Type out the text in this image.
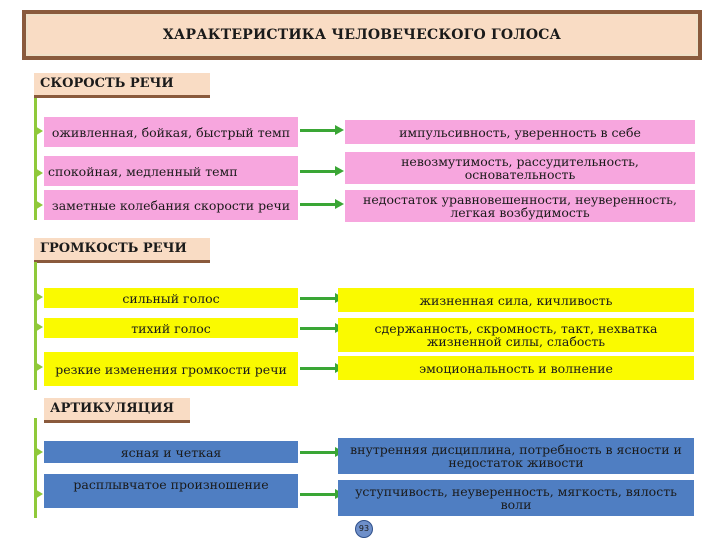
ХАРАКТЕРИСТИКА ЧЕЛОВЕЧЕСКОГО ГОЛОСА
СКОРОСТЬ РЕЧИ
оживленная, бойкая, быстрый темп
спокойная, медленный темп
заметные колебания скорости речи
импульсивность, уверенность в себе
невозмутимость, рассудительность, основательность
недостаток уравновешенности, неуверенность, легкая возбудимость
ГРОМКОСТЬ РЕЧИ
сильный голос
тихий голос
резкие изменения громкости речи
жизненная сила, кичливость
сдержанность, скромность, такт, нехватка жизненной силы, слабость
эмоциональность и волнение
АРТИКУЛЯЦИЯ
ясная и четкая
расплывчатое произношение
внутренняя дисциплина, потребность в ясности и недостаток живости
уступчивость, неуверенность, мягкость, вялость воли
93
